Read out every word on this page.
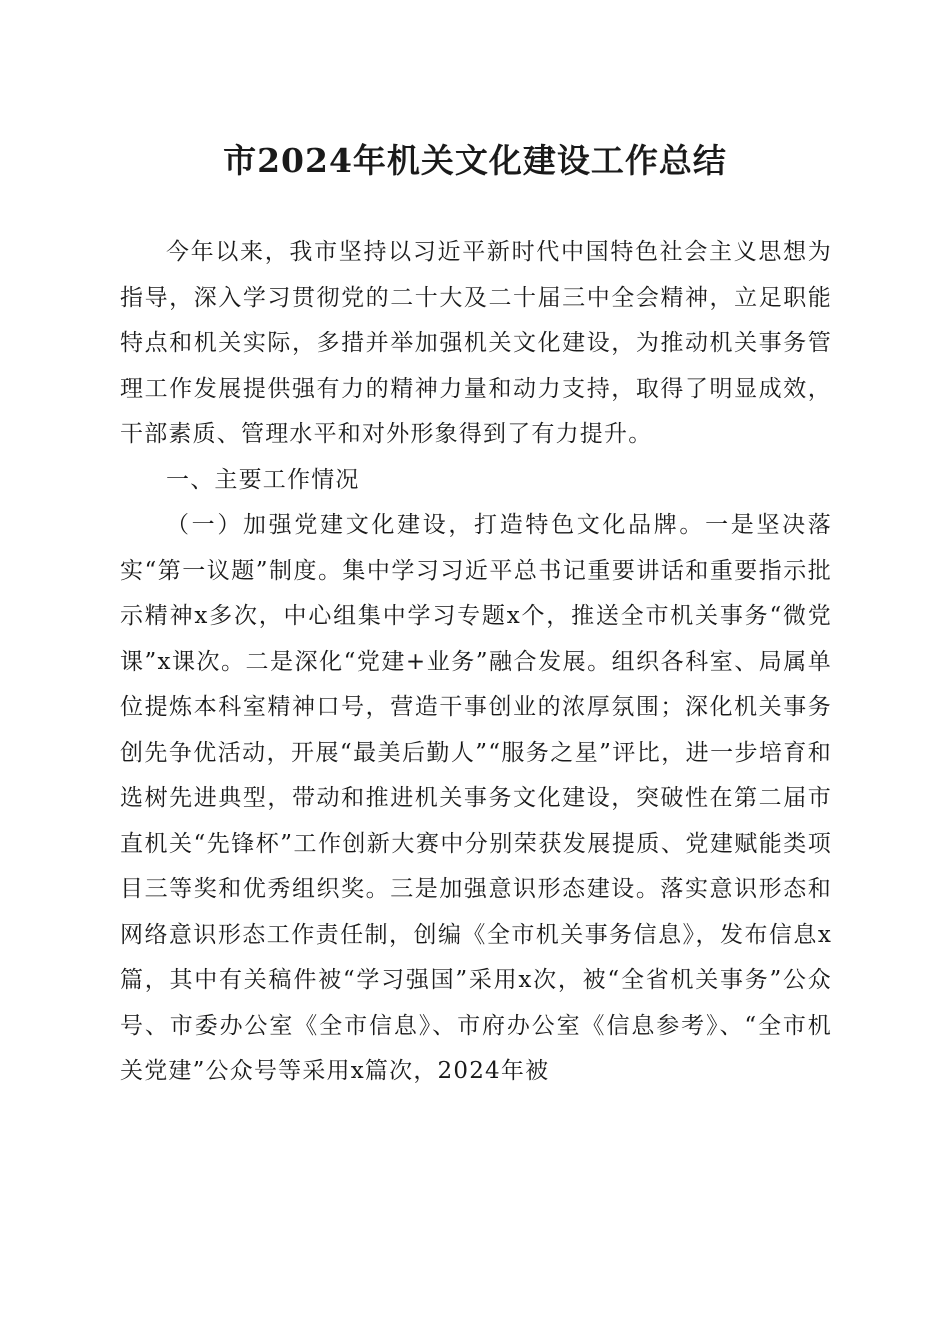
市2024年机关文化建设工作总结

今年以来，我市坚持以习近平新时代中国特色社会主义思想为指导，深入学习贯彻党的二十大及二十届三中全会精神，立足职能特点和机关实际，多措并举加强机关文化建设，为推动机关事务管理工作发展提供强有力的精神力量和动力支持，取得了明显成效，干部素质、管理水平和对外形象得到了有力提升。

一、主要工作情况

（一）加强党建文化建设，打造特色文化品牌。一是坚决落实“第一议题”制度。集中学习习近平总书记重要讲话和重要指示批示精神x多次，中心组集中学习专题x个，推送全市机关事务“微党课”x课次。二是深化“党建+业务”融合发展。组织各科室、局属单位提炼本科室精神口号，营造干事创业的浓厚氛围；深化机关事务创先争优活动，开展“最美后勤人”“服务之星”评比，进一步培育和选树先进典型，带动和推进机关事务文化建设，突破性在第二届市直机关“先锋杯”工作创新大赛中分别荣获发展提质、党建赋能类项目三等奖和优秀组织奖。三是加强意识形态建设。落实意识形态和网络意识形态工作责任制，创编《全市机关事务信息》，发布信息x篇，其中有关稿件被“学习强国”采用x次，被“全省机关事务”公众号、市委办公室《全市信息》、市府办公室《信息参考》、“全市机关党建”公众号等采用x篇次，2024年被
